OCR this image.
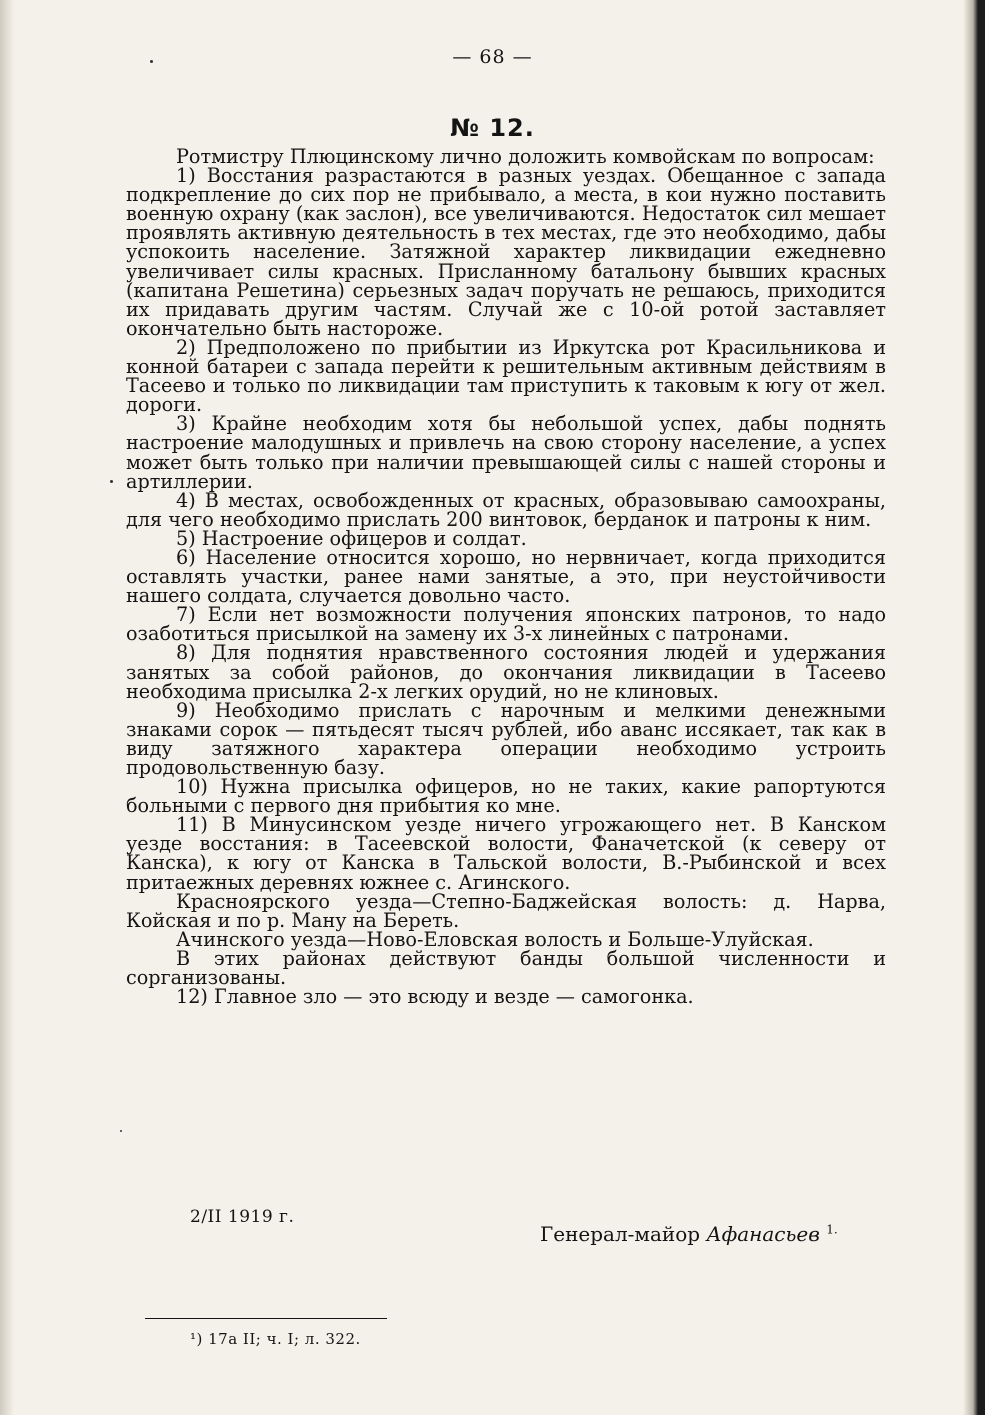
— 68 —
№ 12.

Ротмистру Плюцинскому лично доложить комвойскам по вопросам:

1) Восстания разрастаются в разных уездах. Обещанное с запада подкрепление до сих пор не прибывало, а места, в кои нужно поставить военную охрану (как заслон), все увеличиваются. Недостаток сил мешает проявлять активную деятельность в тех местах, где это необходимо, дабы успокоить население. Затяжной характер ликвидации ежедневно увеличивает силы красных. Присланному батальону бывших красных (капитана Решетина) серьезных задач поручать не решаюсь, приходится их придавать другим частям. Случай же с 10-ой ротой заставляет окончательно быть настороже.

2) Предположено по прибытии из Иркутска рот Красильникова и конной батареи с запада перейти к решительным активным действиям в Тасеево и только по ликвидации там приступить к таковым к югу от жел. дороги.

3) Крайне необходим хотя бы небольшой успех, дабы поднять настроение малодушных и привлечь на свою сторону население, а успех может быть только при наличии превышающей силы с нашей стороны и артиллерии.

4) В местах, освобожденных от красных, образовываю самоохраны, для чего необходимо прислать 200 винтовок, берданок и патроны к ним.

5) Настроение офицеров и солдат.

6) Население относится хорошо, но нервничает, когда приходится оставлять участки, ранее нами занятые, а это, при неустойчивости нашего солдата, случается довольно часто.

7) Если нет возможности получения японских патронов, то надо озаботиться присылкой на замену их 3-х линейных с патронами.

8) Для поднятия нравственного состояния людей и удержания занятых за собой районов, до окончания ликвидации в Тасеево необходима присылка 2-х легких орудий, но не клиновых.

9) Необходимо прислать с нарочным и мелкими денежными знаками сорок — пятьдесят тысяч рублей, ибо аванс иссякает, так как в виду затяжного характера операции необходимо устроить продовольственную базу.

10) Нужна присылка офицеров, но не таких, какие рапортуются больными с первого дня прибытия ко мне.

11) В Минусинском уезде ничего угрожающего нет. В Канском уезде восстания: в Тасеевской волости, Фаначетской (к северу от Канска), к югу от Канска в Тальской волости, В.-Рыбинской и всех притаежных деревнях южнее с. Агинского.

Красноярского уезда—Степно-Баджейская волость: д. Нарва, Койская и по р. Ману на Береть.

Ачинского уезда—Ново-Еловская волость и Больше-Улуйская.

В этих районах действуют банды большой численности и сорганизованы.

12) Главное зло — это всюду и везде — самогонка.

2/II 1919 г.
Генерал-майор Афанасьев $^{1.}$
¹) 17а II; ч. I; л. 322.
